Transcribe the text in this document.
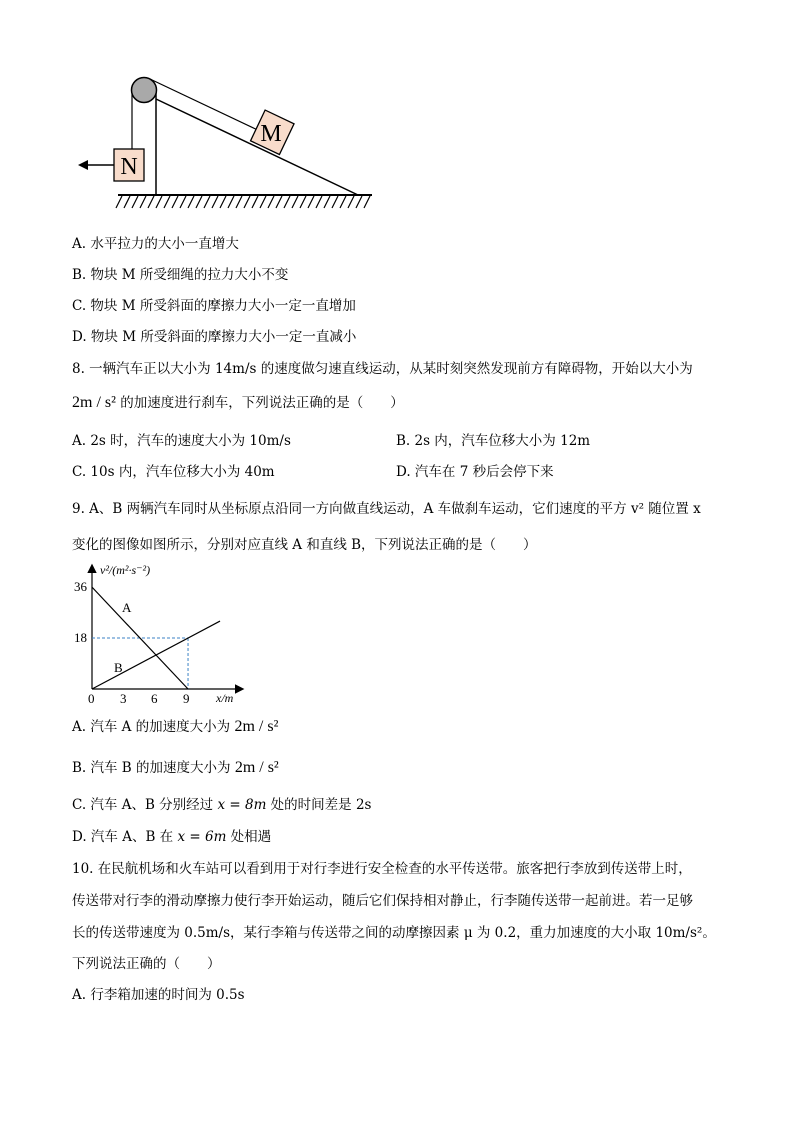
M
N
A. 水平拉力的大小一直增大
B. 物块 M 所受细绳的拉力大小不变
C. 物块 M 所受斜面的摩擦力大小一定一直增加
D. 物块 M 所受斜面的摩擦力大小一定一直减小
8. 一辆汽车正以大小为 14m/s 的速度做匀速直线运动，从某时刻突然发现前方有障碍物，开始以大小为
2m / s² 的加速度进行刹车，下列说法正确的是（　　）
A. 2s 时，汽车的速度大小为 10m/s	B. 2s 内，汽车位移大小为 12m
C. 10s 内，汽车位移大小为 40m	D. 汽车在 7 秒后会停下来
9. A、B 两辆汽车同时从坐标原点沿同一方向做直线运动，A 车做刹车运动，它们速度的平方 v² 随位置 x
变化的图像如图所示，分别对应直线 A 和直线 B，下列说法正确的是（　　）
v²/(m²·s⁻²)
x/m
18
36
0 3 6 9
A
B
A. 汽车 A 的加速度大小为 2m / s²
B. 汽车 B 的加速度大小为 2m / s²
C. 汽车 A、B 分别经过 x = 8m 处的时间差是 2s
D. 汽车 A、B 在 x = 6m 处相遇
10. 在民航机场和火车站可以看到用于对行李进行安全检查的水平传送带。旅客把行李放到传送带上时，
传送带对行李的滑动摩擦力使行李开始运动，随后它们保持相对静止，行李随传送带一起前进。若一足够
长的传送带速度为 0.5m/s，某行李箱与传送带之间的动摩擦因素 μ 为 0.2，重力加速度的大小取 10m/s²。
下列说法正确的（　　）
A. 行李箱加速的时间为 0.5s
